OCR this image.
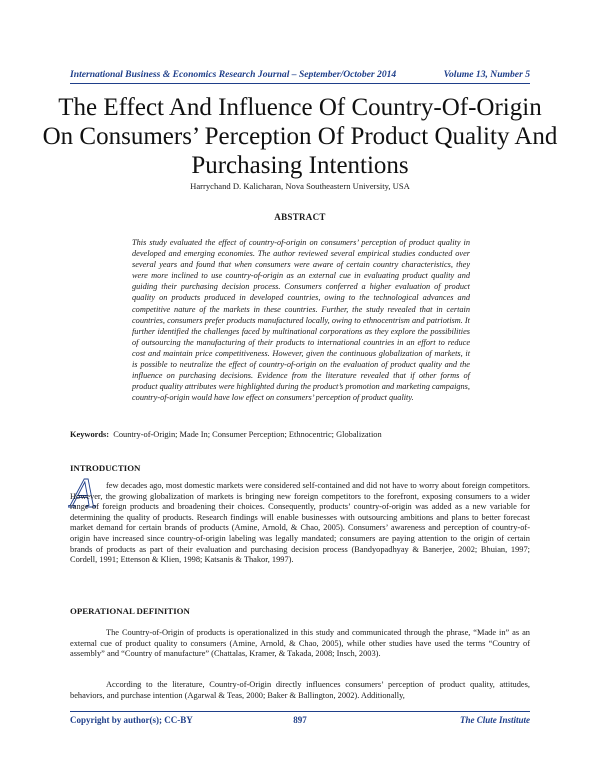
International Business & Economics Research Journal – September/October 2014	Volume 13, Number 5
The Effect And Influence Of Country-Of-Origin On Consumers’ Perception Of Product Quality And Purchasing Intentions
Harrychand D. Kalicharan, Nova Southeastern University, USA
ABSTRACT
This study evaluated the effect of country-of-origin on consumers’ perception of product quality in developed and emerging economies. The author reviewed several empirical studies conducted over several years and found that when consumers were aware of certain country characteristics, they were more inclined to use country-of-origin as an external cue in evaluating product quality and guiding their purchasing decision process. Consumers conferred a higher evaluation of product quality on products produced in developed countries, owing to the technological advances and competitive nature of the markets in these countries. Further, the study revealed that in certain countries, consumers prefer products manufactured locally, owing to ethnocentrism and patriotism. It further identified the challenges faced by multinational corporations as they explore the possibilities of outsourcing the manufacturing of their products to international countries in an effort to reduce cost and maintain price competitiveness. However, given the continuous globalization of markets, it is possible to neutralize the effect of country-of-origin on the evaluation of product quality and the influence on purchasing decisions. Evidence from the literature revealed that if other forms of product quality attributes were highlighted during the product’s promotion and marketing campaigns, country-of-origin would have low effect on consumers’ perception of product quality.
Keywords: Country-of-Origin; Made In; Consumer Perception; Ethnocentric; Globalization
INTRODUCTION
A	few decades ago, most domestic markets were considered self-contained and did not have to worry about foreign competitors. However, the growing globalization of markets is bringing new foreign competitors to the forefront, exposing consumers to a wider range of foreign products and broadening their choices. Consequently, products’ country-of-origin was added as a new variable for determining the quality of products. Research findings will enable businesses with outsourcing ambitions and plans to better forecast market demand for certain brands of products (Amine, Arnold, & Chao, 2005). Consumers’ awareness and perception of country-of-origin have increased since country-of-origin labeling was legally mandated; consumers are paying attention to the origin of certain brands of products as part of their evaluation and purchasing decision process (Bandyopadhyay & Banerjee, 2002; Bhuian, 1997; Cordell, 1991; Ettenson & Klien, 1998; Katsanis & Thakor, 1997).
OPERATIONAL DEFINITION
The Country-of-Origin of products is operationalized in this study and communicated through the phrase, “Made in” as an external cue of product quality to consumers (Amine, Arnold, & Chao, 2005), while other studies have used the terms “Country of assembly” and “Country of manufacture” (Chattalas, Kramer, & Takada, 2008; Insch, 2003).
According to the literature, Country-of-Origin directly influences consumers’ perception of product quality, attitudes, behaviors, and purchase intention (Agarwal & Teas, 2000; Baker & Ballington, 2002). Additionally,
Copyright by author(s); CC-BY	897	The Clute Institute
